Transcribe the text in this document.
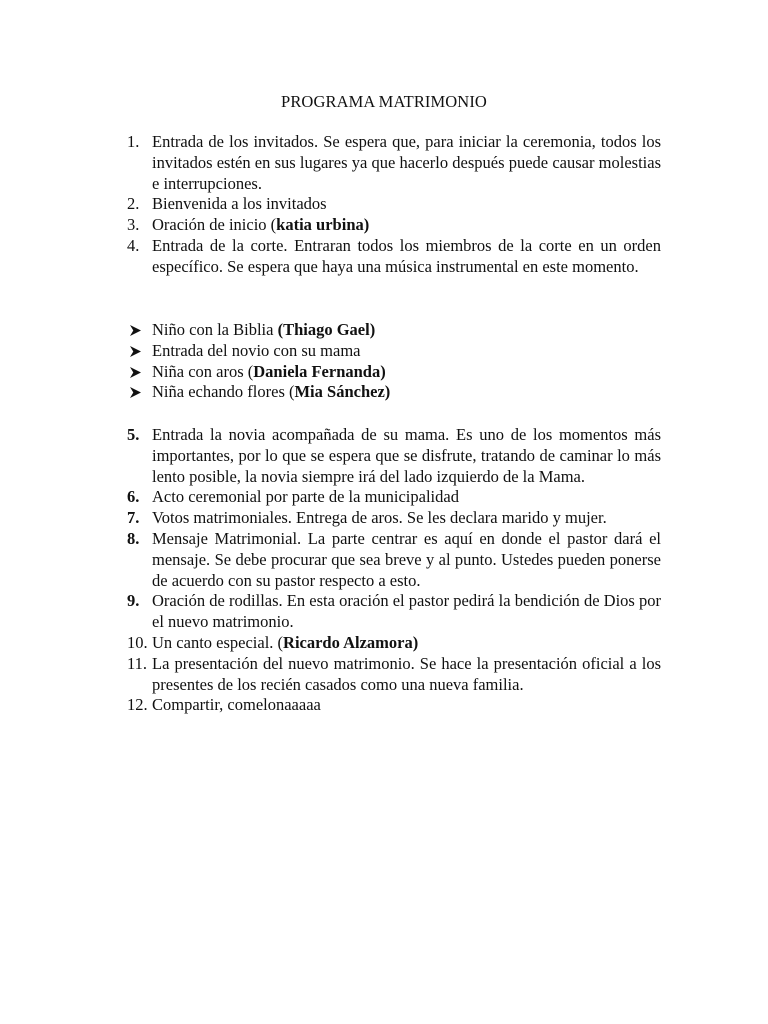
PROGRAMA MATRIMONIO
1. Entrada de los invitados. Se espera que, para iniciar la ceremonia, todos los invitados estén en sus lugares ya que hacerlo después puede causar molestias e interrupciones.
2. Bienvenida a los invitados
3. Oración de inicio (katia urbina)
4. Entrada de la corte. Entraran todos los miembros de la corte en un orden específico. Se espera que haya una música instrumental en este momento.
Niño con la Biblia (Thiago Gael)
Entrada del novio con su mama
Niña con aros (Daniela Fernanda)
Niña echando flores (Mia Sánchez)
5. Entrada la novia acompañada de su mama. Es uno de los momentos más importantes, por lo que se espera que se disfrute, tratando de caminar lo más lento posible, la novia siempre irá del lado izquierdo de la Mama.
6. Acto ceremonial por parte de la municipalidad
7. Votos matrimoniales. Entrega de aros. Se les declara marido y mujer.
8. Mensaje Matrimonial. La parte centrar es aquí en donde el pastor dará el mensaje. Se debe procurar que sea breve y al punto. Ustedes pueden ponerse de acuerdo con su pastor respecto a esto.
9. Oración de rodillas. En esta oración el pastor pedirá la bendición de Dios por el nuevo matrimonio.
10. Un canto especial. (Ricardo Alzamora)
11. La presentación del nuevo matrimonio. Se hace la presentación oficial a los presentes de los recién casados como una nueva familia.
12. Compartir, comelonaaaaa
